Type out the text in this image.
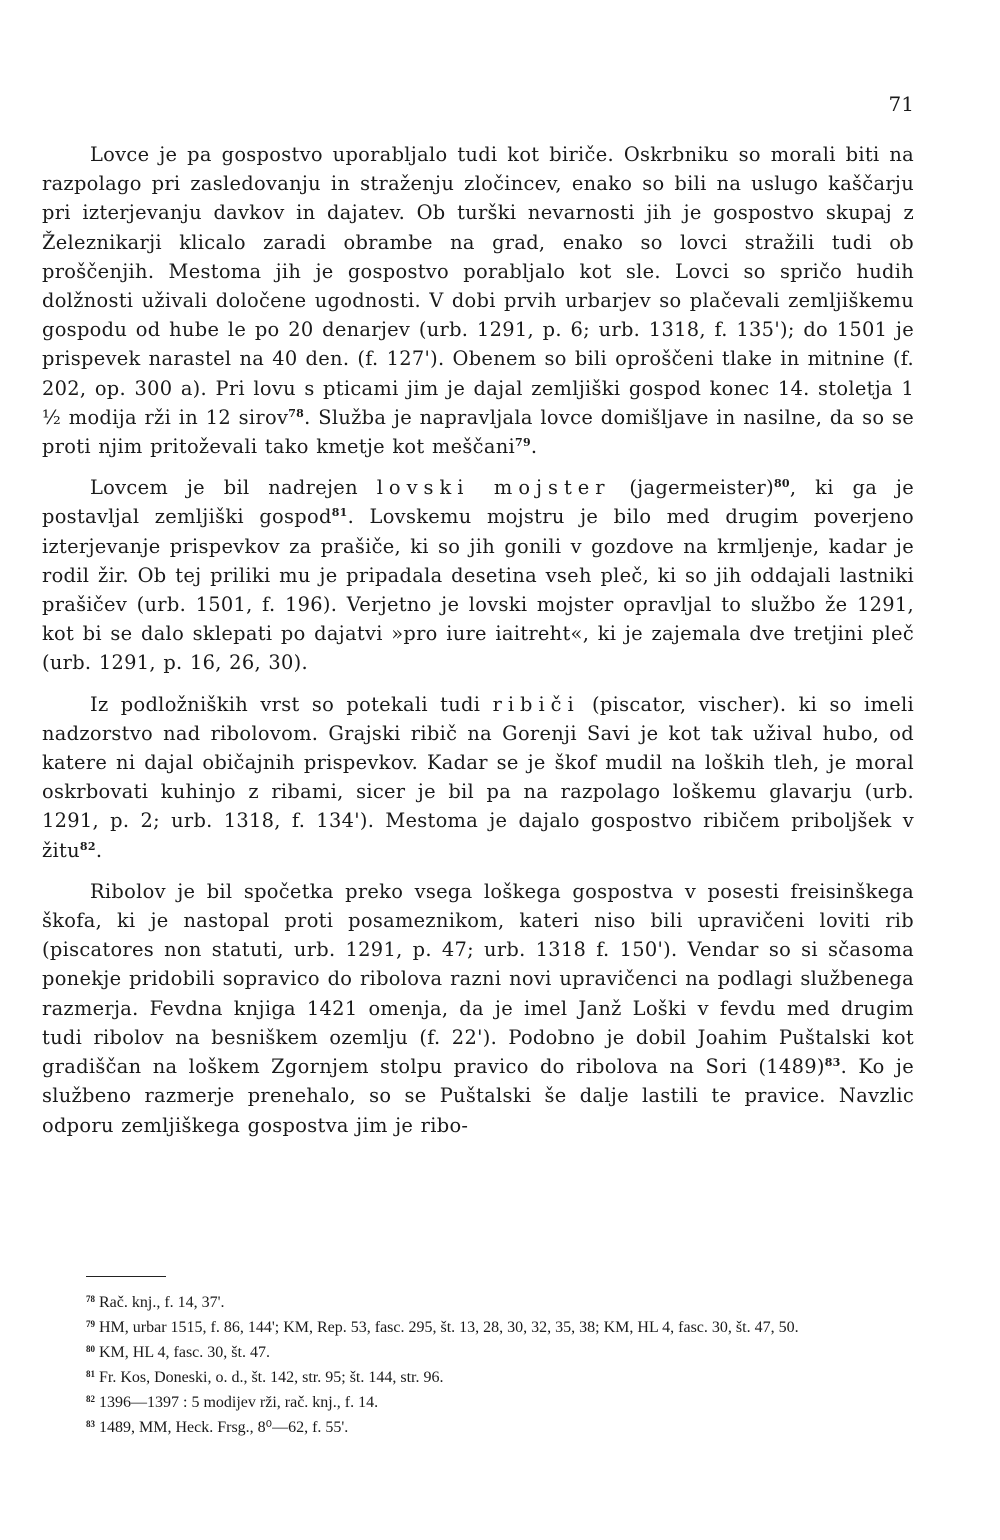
71

Lovce je pa gospostvo uporabljalo tudi kot biriče. Oskrbniku so morali biti na razpolago pri zasledovanju in straženju zločincev, enako so bili na uslugo kaščarju pri izterjevanju davkov in dajatev. Ob turški nevarnosti jih je gospostvo skupaj z Železnikarji klicalo zaradi obrambe na grad, enako so lovci stražili tudi ob proščenjih. Mestoma jih je gospostvo porabljalo kot sle. Lovci so spričo hudih dolžnosti uživali določene ugodnosti. V dobi prvih urbarjev so plačevali zemljiškemu gospodu od hube le po 20 denarjev (urb. 1291, p. 6; urb. 1318, f. 135'); do 1501 je prispevek narastel na 40 den. (f. 127'). Obenem so bili oproščeni tlake in mitnine (f. 202, op. 300 a). Pri lovu s pticami jim je dajal zemljiški gospod konec 14. stoletja 1 ½ modija rži in 12 sirov$^{78}$. Služba je napravljala lovce domišljave in nasilne, da so se proti njim pritoževali tako kmetje kot meščani$^{79}$.

Lovcem je bil nadrejen lovski mojster (jagermeister)$^{80}$, ki ga je postavljal zemljiški gospod$^{81}$. Lovskemu mojstru je bilo med drugim poverjeno izterjevanje prispevkov za prašiče, ki so jih gonili v gozdove na krmljenje, kadar je rodil žir. Ob tej priliki mu je pripadala desetina vseh pleč, ki so jih oddajali lastniki prašičev (urb. 1501, f. 196). Verjetno je lovski mojster opravljal to službo že 1291, kot bi se dalo sklepati po dajatvi »pro iure iaitreht«, ki je zajemala dve tretjini pleč (urb. 1291, p. 16, 26, 30).

Iz podložniških vrst so potekali tudi ribiči (piscator, vischer). ki so imeli nadzorstvo nad ribolovom. Grajski ribič na Gorenji Savi je kot tak užival hubo, od katere ni dajal običajnih prispevkov. Kadar se je škof mudil na loških tleh, je moral oskrbovati kuhinjo z ribami, sicer je bil pa na razpolago loškemu glavarju (urb. 1291, p. 2; urb. 1318, f. 134'). Mestoma je dajalo gospostvo ribičem priboljšek v žitu$^{82}$.

Ribolov je bil spočetka preko vsega loškega gospostva v posesti freisinškega škofa, ki je nastopal proti posameznikom, kateri niso bili upravičeni loviti rib (piscatores non statuti, urb. 1291, p. 47; urb. 1318 f. 150'). Vendar so si sčasoma ponekje pridobili sopravico do ribolova razni novi upravičenci na podlagi službenega razmerja. Fevdna knjiga 1421 omenja, da je imel Janž Loški v fevdu med drugim tudi ribolov na besniškem ozemlju (f. 22'). Podobno je dobil Joahim Puštalski kot gradiščan na loškem Zgornjem stolpu pravico do ribolova na Sori $(1489)^{83}$. Ko je službeno razmerje prenehalo, so se Puštalski še dalje lastili te pravice. Navzlic odporu zemljiškega gospostva jim je ribo-

$^{78}$ Rač. knj., f. 14, 37'.

$^{79}$ HM, urbar 1515, f. 86, 144'; KM, Rep. 53, fasc. 295, št. 13, 28, 30, 32, 35, 38; KM, HL 4, fasc. 30, št. 47, 50.

$^{80}$ KM, HL 4, fasc. 30, št. 47.

$^{81}$ Fr. Kos, Doneski, o. d., št. 142, str. 95; št. 144, str. 96.

$^{82}$ 1396—1397 : 5 modijev rži, rač. knj., f. 14.

$^{83}$ 1489, MM, Heck. Frsg., 8⁰—62, f. 55'.
